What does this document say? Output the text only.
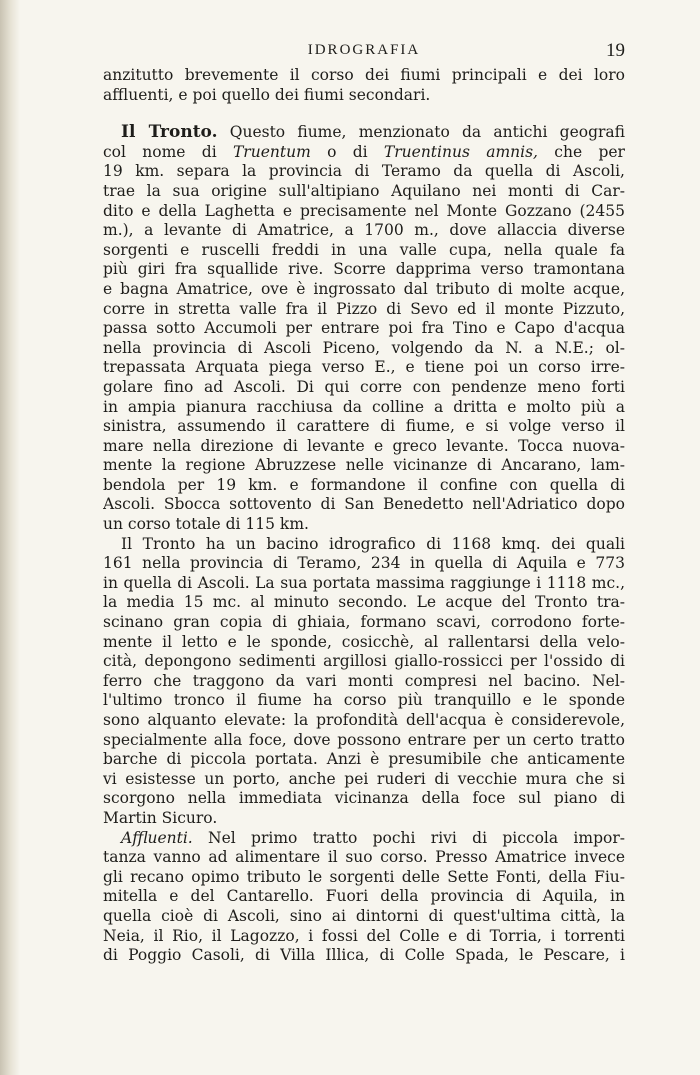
IDROGRAFIA	19
anzitutto brevemente il corso dei fiumi principali e dei loro
affluenti, e poi quello dei fiumi secondari.
Il Tronto. Questo fiume, menzionato da antichi geografi
col nome di Truentum o di Truentinus amnis, che per
19 km. separa la provincia di Teramo da quella di Ascoli,
trae la sua origine sull'altipiano Aquilano nei monti di Car-
dito e della Laghetta e precisamente nel Monte Gozzano (2455
m.), a levante di Amatrice, a 1700 m., dove allaccia diverse
sorgenti e ruscelli freddi in una valle cupa, nella quale fa
più giri fra squallide rive. Scorre dapprima verso tramontana
e bagna Amatrice, ove è ingrossato dal tributo di molte acque,
corre in stretta valle fra il Pizzo di Sevo ed il monte Pizzuto,
passa sotto Accumoli per entrare poi fra Tino e Capo d'acqua
nella provincia di Ascoli Piceno, volgendo da N. a N.E.; ol-
trepassata Arquata piega verso E., e tiene poi un corso irre-
golare fino ad Ascoli. Di qui corre con pendenze meno forti
in ampia pianura racchiusa da colline a dritta e molto più a
sinistra, assumendo il carattere di fiume, e si volge verso il
mare nella direzione di levante e greco levante. Tocca nuova-
mente la regione Abruzzese nelle vicinanze di Ancarano, lam-
bendola per 19 km. e formandone il confine con quella di
Ascoli. Sbocca sottovento di San Benedetto nell'Adriatico dopo
un corso totale di 115 km.
Il Tronto ha un bacino idrografico di 1168 kmq. dei quali
161 nella provincia di Teramo, 234 in quella di Aquila e 773
in quella di Ascoli. La sua portata massima raggiunge i 1118 mc.,
la media 15 mc. al minuto secondo. Le acque del Tronto tra-
scinano gran copia di ghiaia, formano scavi, corrodono forte-
mente il letto e le sponde, cosicchè, al rallentarsi della velo-
cità, depongono sedimenti argillosi giallo-rossicci per l'ossido di
ferro che traggono da vari monti compresi nel bacino. Nel-
l'ultimo tronco il fiume ha corso più tranquillo e le sponde
sono alquanto elevate: la profondità dell'acqua è considerevole,
specialmente alla foce, dove possono entrare per un certo tratto
barche di piccola portata. Anzi è presumibile che anticamente
vi esistesse un porto, anche pei ruderi di vecchie mura che si
scorgono nella immediata vicinanza della foce sul piano di
Martin Sicuro.
Affluenti. Nel primo tratto pochi rivi di piccola impor-
tanza vanno ad alimentare il suo corso. Presso Amatrice invece
gli recano opimo tributo le sorgenti delle Sette Fonti, della Fiu-
mitella e del Cantarello. Fuori della provincia di Aquila, in
quella cioè di Ascoli, sino ai dintorni di quest'ultima città, la
Neia, il Rio, il Lagozzo, i fossi del Colle e di Torria, i torrenti
di Poggio Casoli, di Villa Illica, di Colle Spada, le Pescare, i
